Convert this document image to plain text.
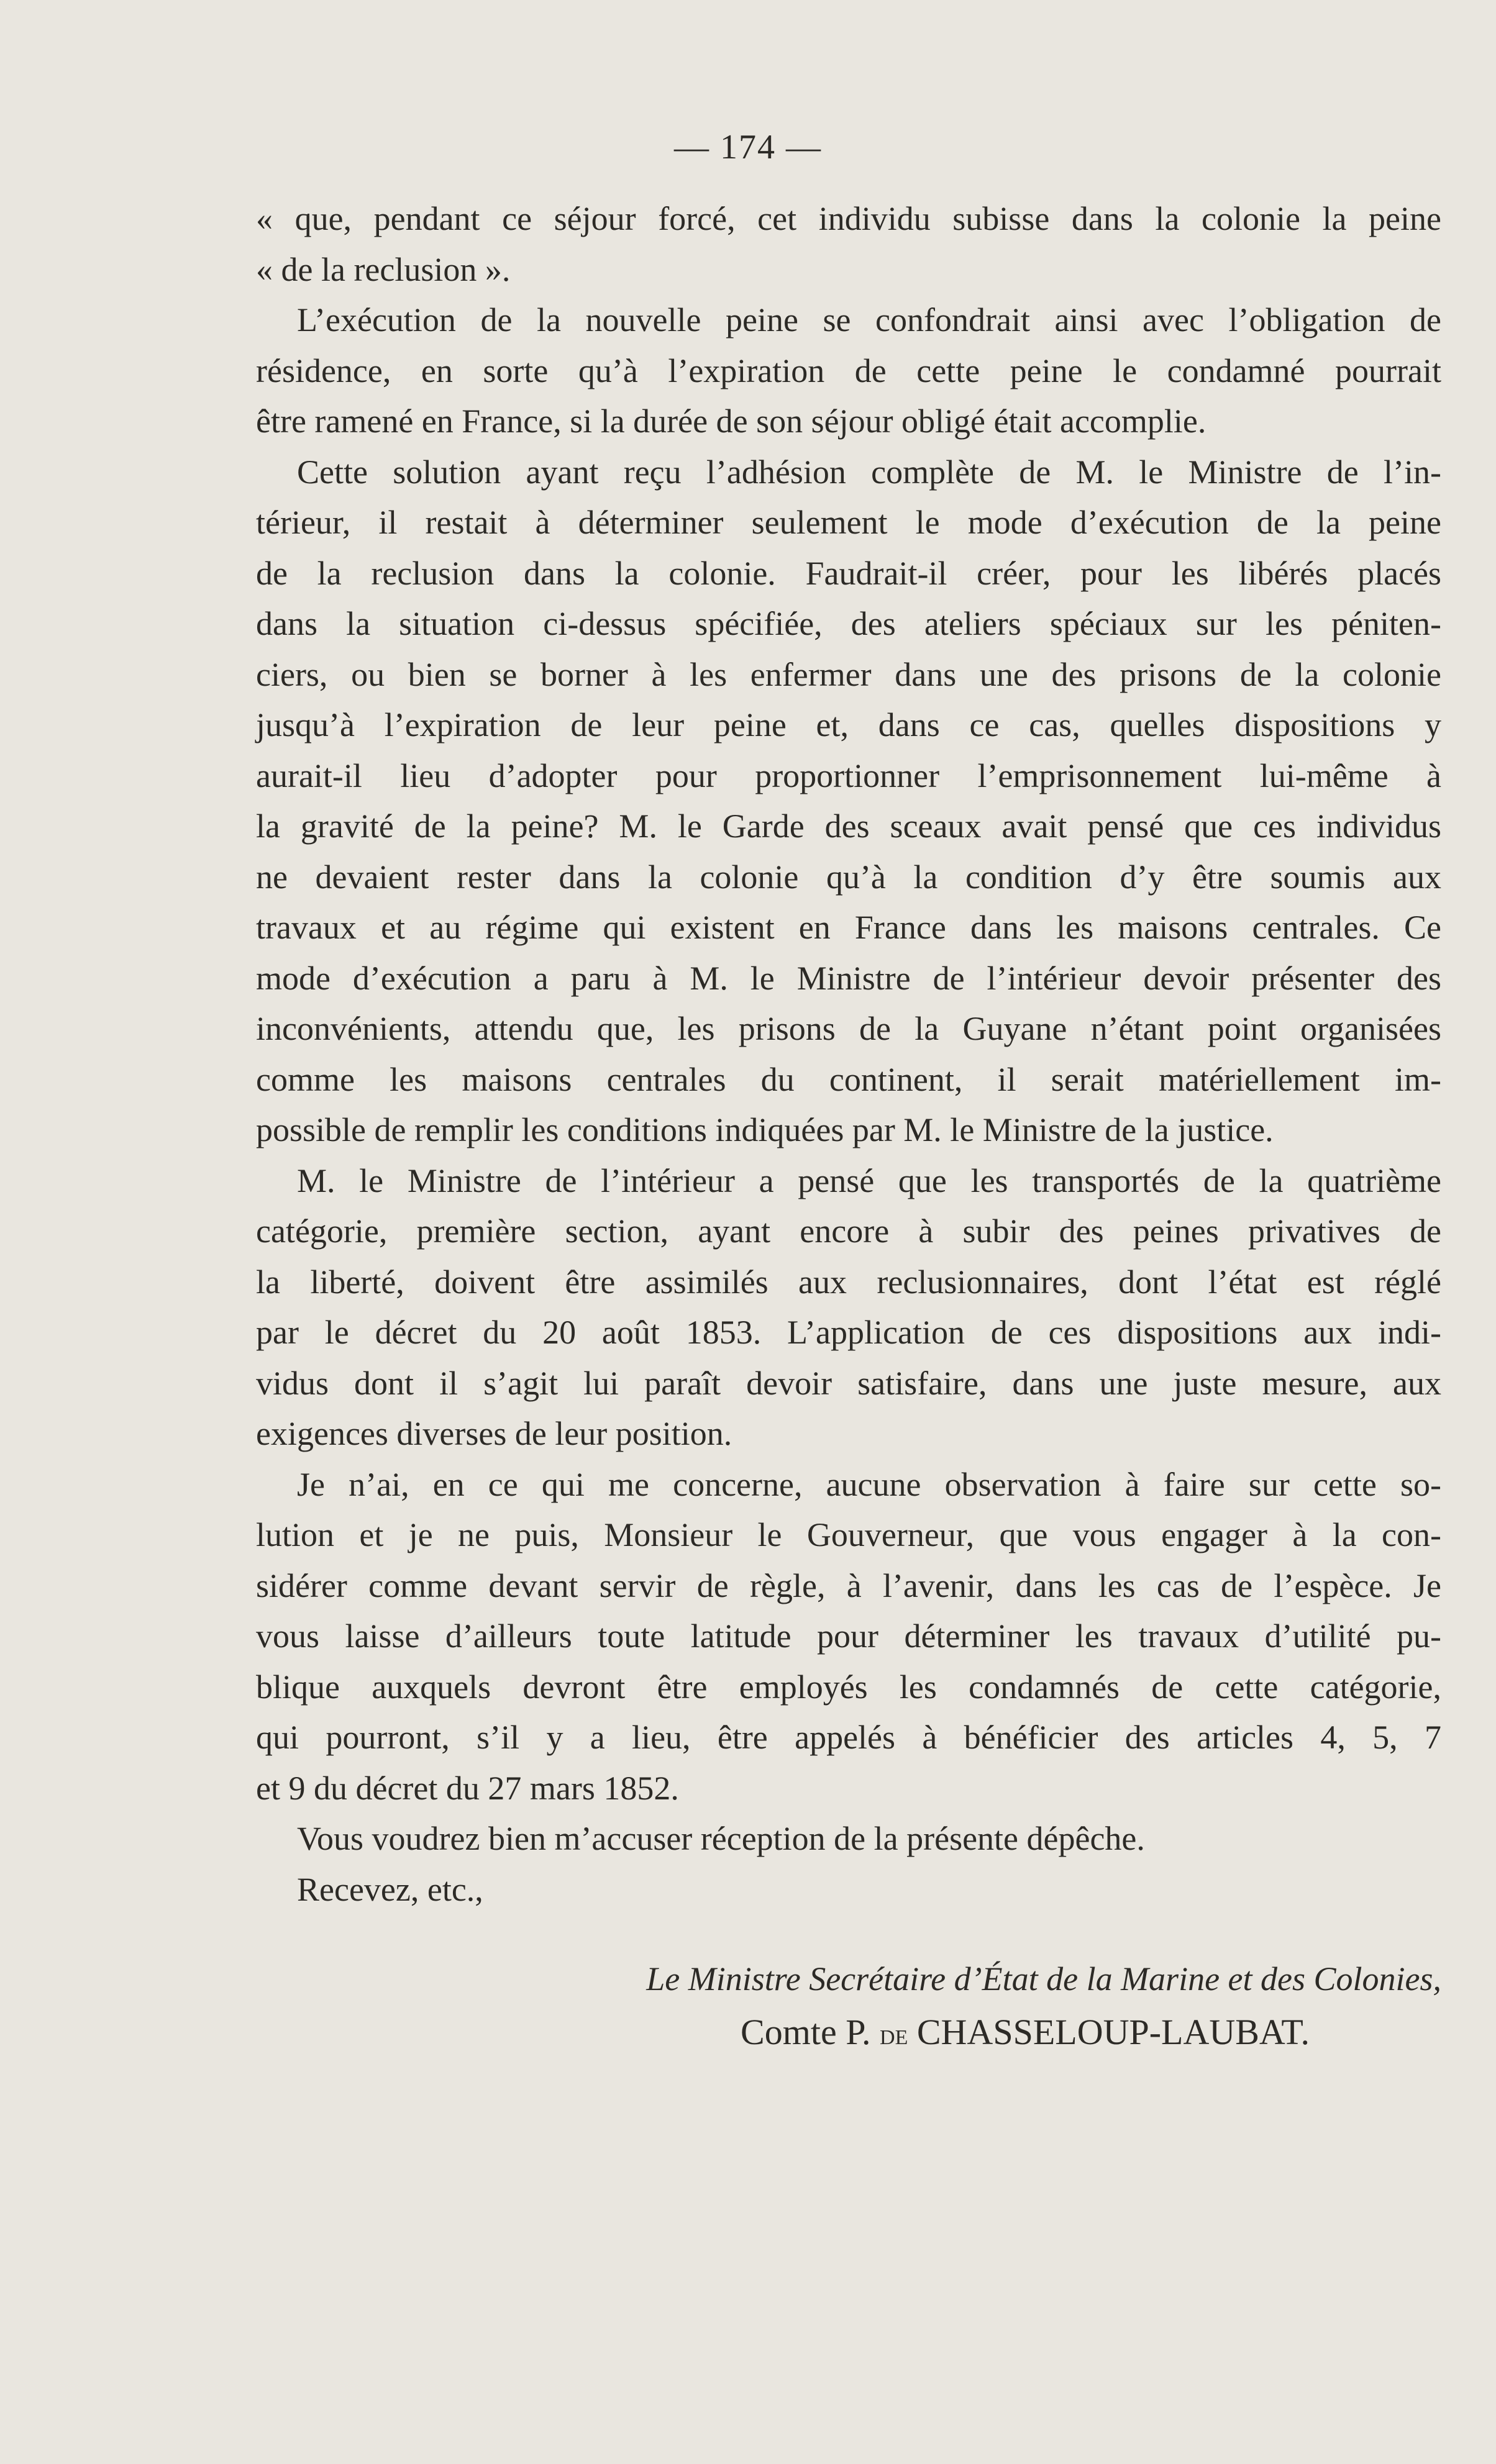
— 174 —
« que, pendant ce séjour forcé, cet individu subisse dans la colonie la peine
« de la reclusion ».
L’exécution de la nouvelle peine se confondrait ainsi avec l’obligation de
résidence, en sorte qu’à l’expiration de cette peine le condamné pourrait
être ramené en France, si la durée de son séjour obligé était accomplie.
Cette solution ayant reçu l’adhésion complète de M. le Ministre de l’in-
térieur, il restait à déterminer seulement le mode d’exécution de la peine
de la reclusion dans la colonie. Faudrait-il créer, pour les libérés placés
dans la situation ci-dessus spécifiée, des ateliers spéciaux sur les péniten-
ciers, ou bien se borner à les enfermer dans une des prisons de la colonie
jusqu’à l’expiration de leur peine et, dans ce cas, quelles dispositions y
aurait-il lieu d’adopter pour proportionner l’emprisonnement lui-même à
la gravité de la peine? M. le Garde des sceaux avait pensé que ces individus
ne devaient rester dans la colonie qu’à la condition d’y être soumis aux
travaux et au régime qui existent en France dans les maisons centrales. Ce
mode d’exécution a paru à M. le Ministre de l’intérieur devoir présenter des
inconvénients, attendu que, les prisons de la Guyane n’étant point organisées
comme les maisons centrales du continent, il serait matériellement im-
possible de remplir les conditions indiquées par M. le Ministre de la justice.
M. le Ministre de l’intérieur a pensé que les transportés de la quatrième
catégorie, première section, ayant encore à subir des peines privatives de
la liberté, doivent être assimilés aux reclusionnaires, dont l’état est réglé
par le décret du 20 août 1853. L’application de ces dispositions aux indi-
vidus dont il s’agit lui paraît devoir satisfaire, dans une juste mesure, aux
exigences diverses de leur position.
Je n’ai, en ce qui me concerne, aucune observation à faire sur cette so-
lution et je ne puis, Monsieur le Gouverneur, que vous engager à la con-
sidérer comme devant servir de règle, à l’avenir, dans les cas de l’espèce. Je
vous laisse d’ailleurs toute latitude pour déterminer les travaux d’utilité pu-
blique auxquels devront être employés les condamnés de cette catégorie,
qui pourront, s’il y a lieu, être appelés à bénéficier des articles 4, 5, 7
et 9 du décret du 27 mars 1852.
Vous voudrez bien m’accuser réception de la présente dépêche.
Recevez, etc.,
Le Ministre Secrétaire d’État de la Marine et des Colonies,
Comte P. de CHASSELOUP-LAUBAT.
